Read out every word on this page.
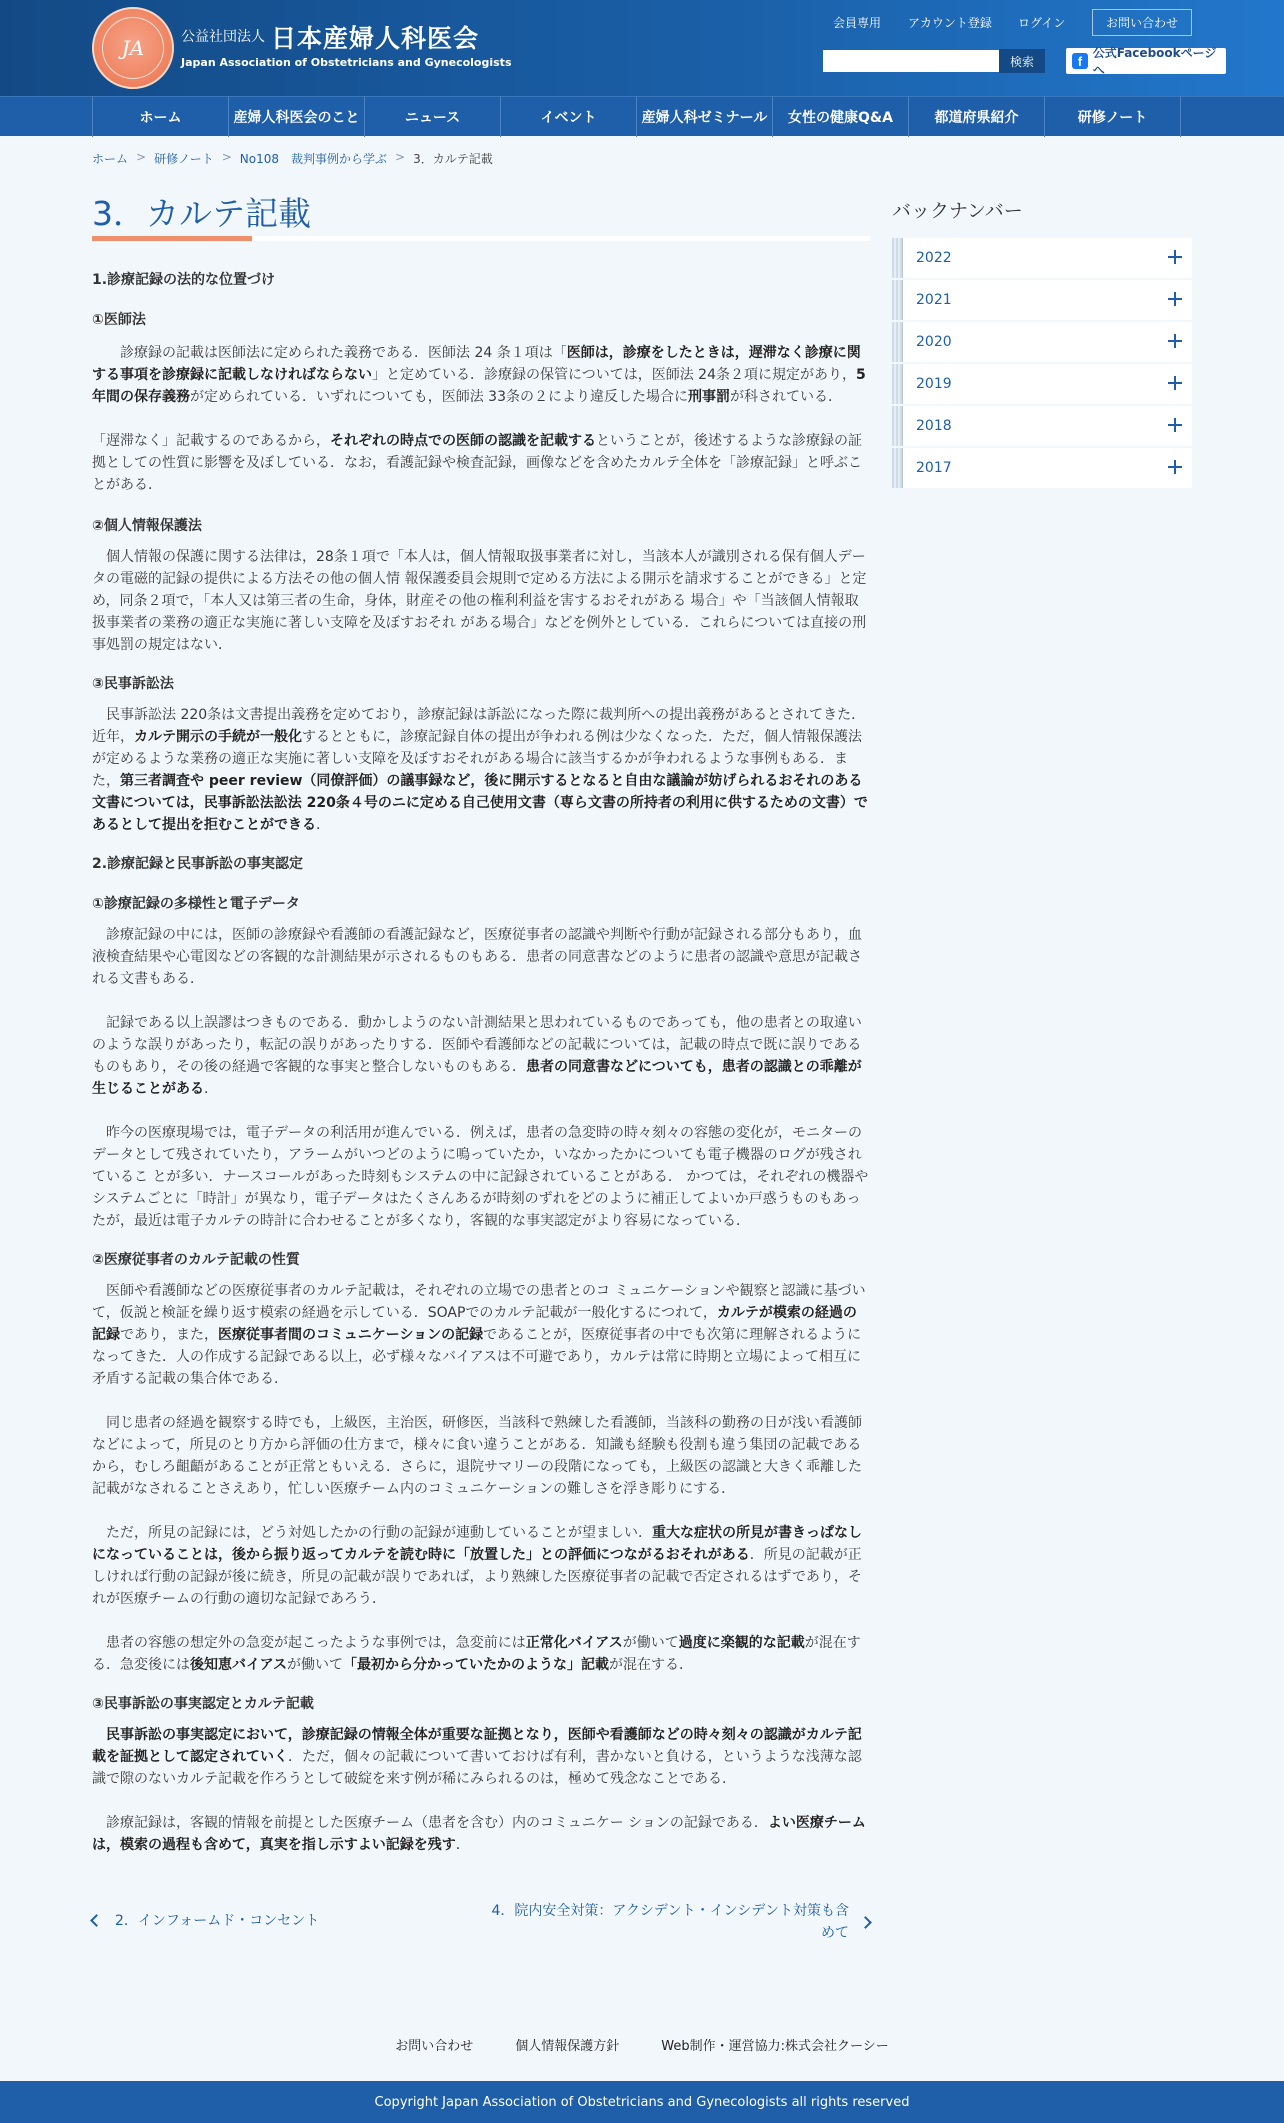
JA	公益社団法人 日本産婦人科医会
Japan Association of Obstetricians and Gynecologists
会員専用 アカウント登録 ログイン	お問い合わせ
検索	f
公式Facebookページへ
ホーム	産婦人科医会のこと	ニュース	イベント	産婦人科ゼミナール	女性の健康Q&A	都道府県紹介	研修ノート
ホーム > 研修ノート > No108　裁判事例から学ぶ > 3．カルテ記載
3．カルテ記載
1.診療記録の法的な位置づけ
①医師法

　診療録の記載は医師法に定められた義務である．医師法 24 条１項は「医師は，診療をしたときは，遅滞なく診療に関する事項を診療録に記載しなければならない」と定めている．診療録の保管については，医師法 24条２項に規定があり，5年間の保存義務が定められている．いずれについても，医師法 33条の２により違反した場合に刑事罰が科されている．

「遅滞なく」記載するのであるから，それぞれの時点での医師の認識を記載するということが，後述するような診療録の証拠としての性質に影響を及ぼしている．なお，看護記録や検査記録，画像などを含めたカルテ全体を「診療記録」と呼ぶことがある．

②個人情報保護法

個人情報の保護に関する法律は，28条１項で「本人は，個人情報取扱事業者に対し，当該本人が識別される保有個人データの電磁的記録の提供による方法その他の個人情 報保護委員会規則で定める方法による開示を請求することができる」と定め，同条２項で，「本人又は第三者の生命，身体，財産その他の権利利益を害するおそれがある 場合」や「当該個人情報取扱事業者の業務の適正な実施に著しい支障を及ぼすおそれ がある場合」などを例外としている．これらについては直接の刑事処罰の規定はない．

③民事訴訟法

民事訴訟法 220条は文書提出義務を定めており，診療記録は訴訟になった際に裁判所への提出義務があるとされてきた．近年，カルテ開示の手続が一般化するとともに，診療記録自体の提出が争われる例は少なくなった．ただ，個人情報保護法が定めるような業務の適正な実施に著しい支障を及ぼすおそれがある場合に該当するかが争われるような事例もある．また，第三者調査や peer review（同僚評価）の議事録など，後に開示するとなると自由な議論が妨げられるおそれのある文書については，民事訴訟法訟法 220条４号のニに定める自己使用文書（専ら文書の所持者の利用に供するための文書）であるとして提出を拒むことができる．

2.診療記録と民事訴訟の事実認定
①診療記録の多様性と電子データ

診療記録の中には，医師の診療録や看護師の看護記録など，医療従事者の認識や判断や行動が記録される部分もあり，血液検査結果や心電図などの客観的な計測結果が示されるものもある．患者の同意書などのように患者の認識や意思が記載される文書もある．

記録である以上誤謬はつきものである．動かしようのない計測結果と思われているものであっても，他の患者との取違いのような誤りがあったり，転記の誤りがあったりする．医師や看護師などの記載については，記載の時点で既に誤りであるものもあり，その後の経過で客観的な事実と整合しないものもある．患者の同意書などについても，患者の認識との乖離が生じることがある．

昨今の医療現場では，電子データの利活用が進んでいる．例えば，患者の急変時の時々刻々の容態の変化が，モニターのデータとして残されていたり，アラームがいつどのように鳴っていたか，いなかったかについても電子機器のログが残されているこ とが多い．ナースコールがあった時刻もシステムの中に記録されていることがある． かつては，それぞれの機器やシステムごとに「時計」が異なり，電子データはたくさんあるが時刻のずれをどのように補正してよいか戸惑うものもあったが，最近は電子カルテの時計に合わせることが多くなり，客観的な事実認定がより容易になっている．

②医療従事者のカルテ記載の性質

医師や看護師などの医療従事者のカルテ記載は，それぞれの立場での患者とのコ ミュニケーションや観察と認識に基づいて，仮説と検証を繰り返す模索の経過を示している．SOAPでのカルテ記載が一般化するにつれて，カルテが模索の経過の記録であり，また，医療従事者間のコミュニケーションの記録であることが，医療従事者の中でも次第に理解されるようになってきた．人の作成する記録である以上，必ず様々なバイアスは不可避であり，カルテは常に時期と立場によって相互に矛盾する記載の集合体である．

同じ患者の経過を観察する時でも，上級医，主治医，研修医，当該科で熟練した看護師，当該科の勤務の日が浅い看護師などによって，所見のとり方から評価の仕方まで，様々に食い違うことがある．知識も経験も役割も違う集団の記載であるから，むしろ齟齬があることが正常ともいえる．さらに，退院サマリーの段階になっても，上級医の認識と大きく乖離した記載がなされることさえあり，忙しい医療チーム内のコミュニケーションの難しさを浮き彫りにする．

ただ，所見の記録には，どう対処したかの行動の記録が連動していることが望ましい．重大な症状の所見が書きっぱなしになっていることは，後から振り返ってカルテを読む時に「放置した」との評価につながるおそれがある．所見の記載が正しければ行動の記録が後に続き，所見の記載が誤りであれば，より熟練した医療従事者の記載で否定されるはずであり，それが医療チームの行動の適切な記録であろう．

患者の容態の想定外の急変が起こったような事例では，急変前には正常化バイアスが働いて過度に楽観的な記載が混在する．急変後には後知恵バイアスが働いて「最初から分かっていたかのような」記載が混在する．

③民事訴訟の事実認定とカルテ記載

民事訴訟の事実認定において，診療記録の情報全体が重要な証拠となり，医師や看護師などの時々刻々の認識がカルテ記載を証拠として認定されていく．ただ，個々の記載について書いておけば有利，書かないと負ける，というような浅薄な認識で隙のないカルテ記載を作ろうとして破綻を来す例が稀にみられるのは，極めて残念なことである．

診療記録は，客観的情報を前提とした医療チーム（患者を含む）内のコミュニケー ションの記録である．よい医療チームは，模索の過程も含めて，真実を指し示すよい記録を残す．

2．インフォームド・コンセント
4．院内安全対策：アクシデント・インシデント対策も含めて
バックナンバー
2022
2021
2020
2019
2018
2017
お問い合わせ	個人情報保護方針	Web制作・運営協力:株式会社クーシー
Copyright Japan Association of Obstetricians and Gynecologists all rights reserved
